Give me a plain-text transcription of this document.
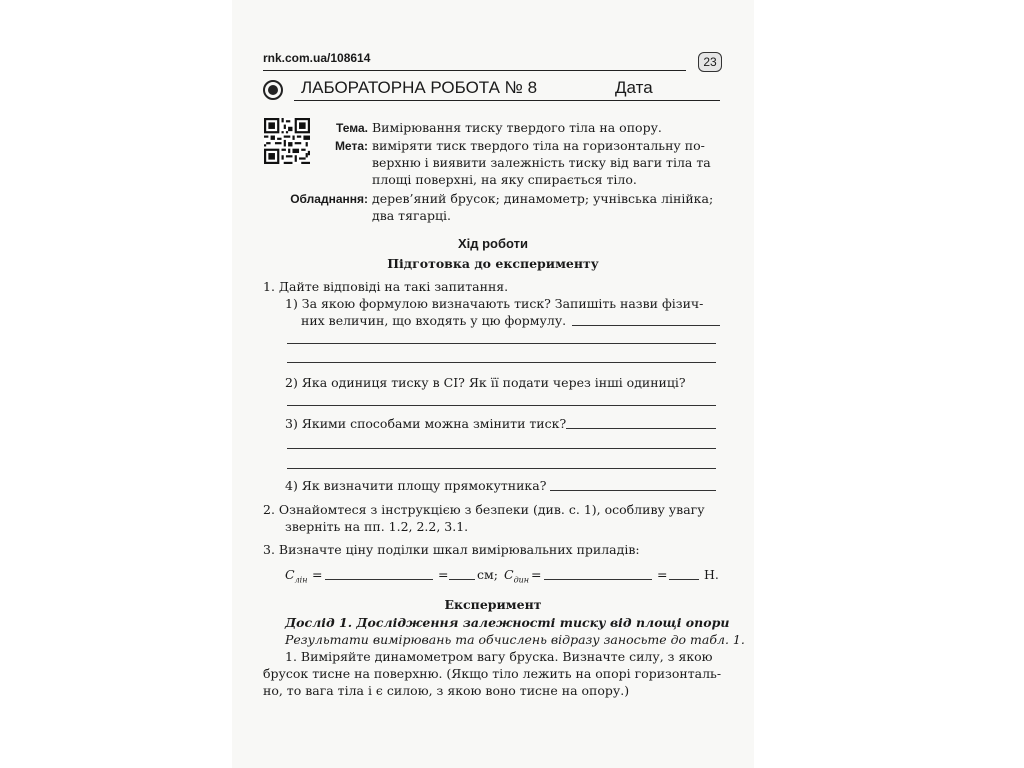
rnk.com.ua/108614	23
ЛАБОРАТОРНА РОБОТА № 8	Дата
Тема. Вимірювання тиску твердого тіла на опору.
Мета: виміряти тиск твердого тіла на горизонтальну по-
верхню і виявити залежність тиску від ваги тіла та
площі поверхні, на яку спирається тіло.
Обладнання: дерев’яний брусок; динамометр; учнівська лінійка;
два тягарці.
Хід роботи
Підготовка до експерименту
1. Дайте відповіді на такі запитання.
1) За якою формулою визначають тиск? Запишіть назви фізич-
них величин, що входять у цю формулу.
2) Яка одиниця тиску в СІ? Як її подати через інші одиниці?
3) Якими способами можна змінити тиск?
4) Як визначити площу прямокутника?
2. Ознайомтеся з інструкцією з безпеки (див. с. 1), особливу увагу
звернiть на пп. 1.2, 2.2, 3.1.
3. Визначте ціну поділки шкал вимірювальних приладів:
$C_{лін}$ =	= см; $C_{дин}$ =	=	Н.
Експеримент
Дослід 1. Дослідження залежності тиску від площі опори
Результати вимірювань та обчислень відразу заносьте до табл. 1.
1. Виміряйте динамометром вагу бруска. Визначте силу, з якою
брусок тисне на поверхню. (Якщо тіло лежить на опорі горизонталь-
но, то вага тіла і є силою, з якою воно тисне на опору.)
